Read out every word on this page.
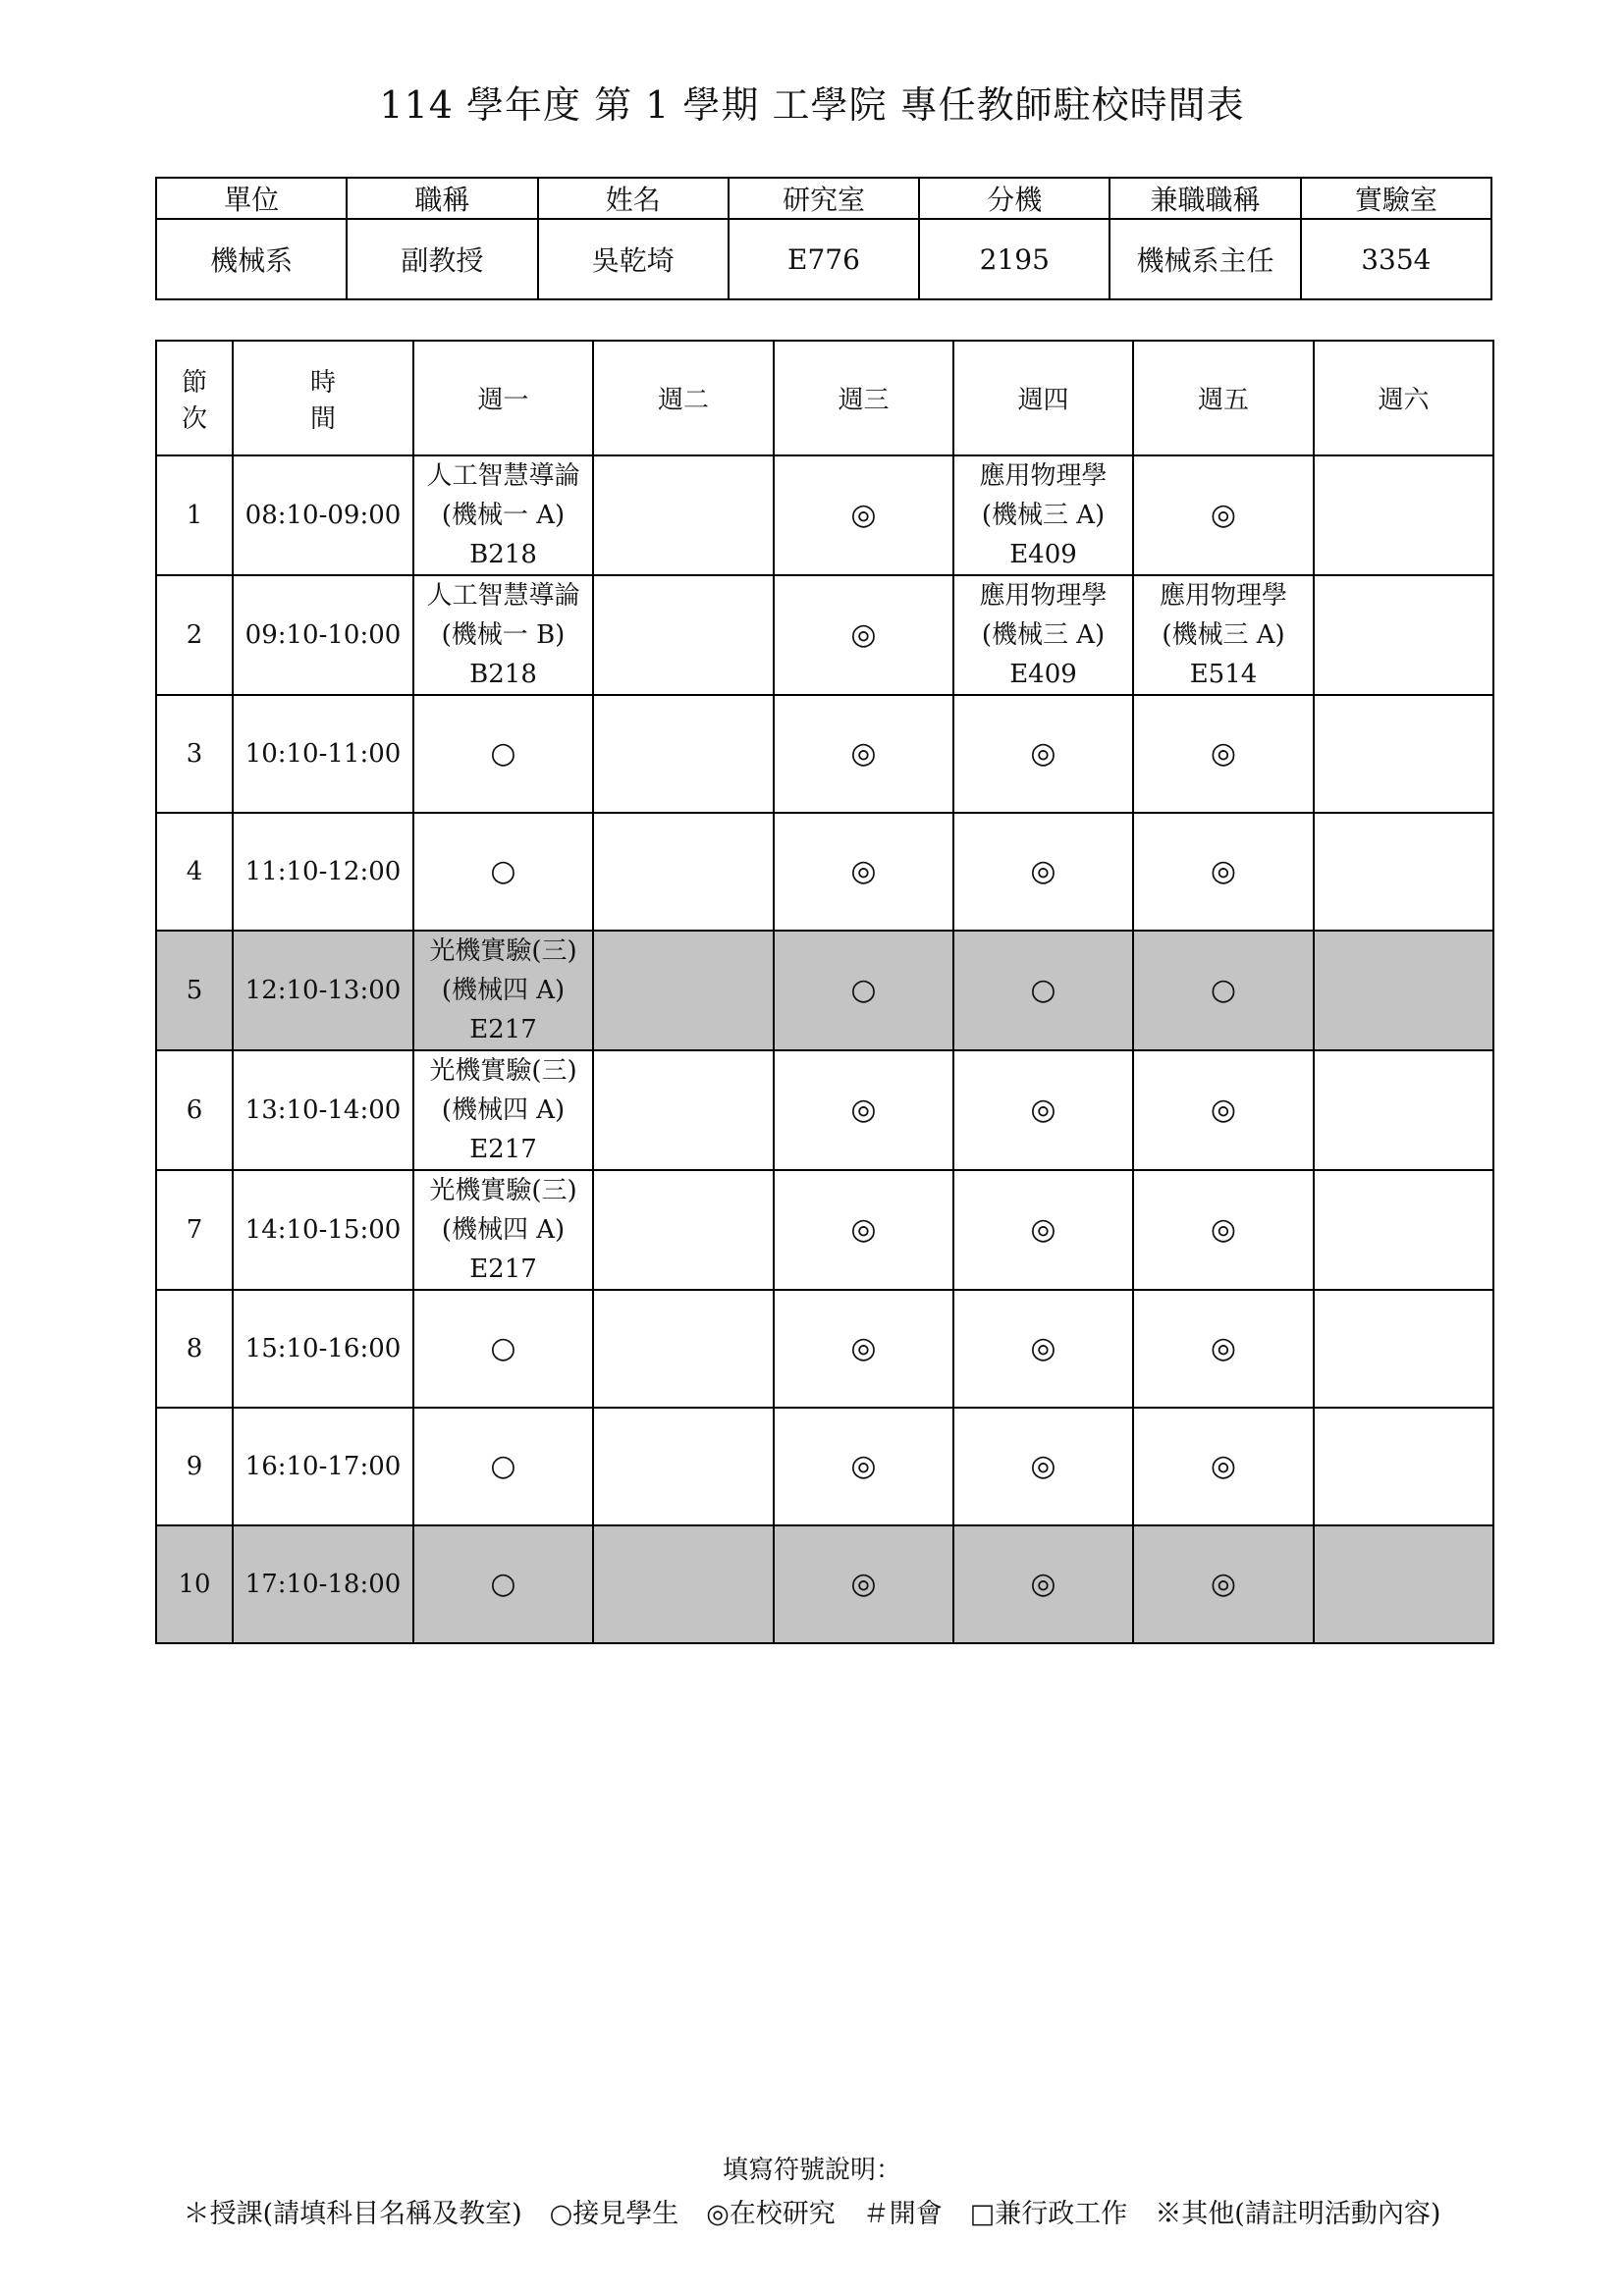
114 學年度 第 1 學期 工學院 專任教師駐校時間表
單位	職稱	姓名	研究室	分機	兼職職稱	實驗室
機械系	副教授	吳乾埼	E776	2195	機械系主任	3354
節
次	時
間	週一	週二	週三	週四	週五	週六
1	08:10-09:00	人工智慧導論
(機械一 A)
B218		◎	應用物理學
(機械三 A)
E409	◎	

2	09:10-10:00	人工智慧導論
(機械一 B)
B218		◎	應用物理學
(機械三 A)
E409	應用物理學
(機械三 A)
E514	

3	10:10-11:00	○		◎	◎	◎	

4	11:10-12:00	○		◎	◎	◎	

5	12:10-13:00	光機實驗(三)
(機械四 A)
E217		○	○	○	

6	13:10-14:00	光機實驗(三)
(機械四 A)
E217		◎	◎	◎	

7	14:10-15:00	光機實驗(三)
(機械四 A)
E217		◎	◎	◎	

8	15:10-16:00	○		◎	◎	◎	

9	16:10-17:00	○		◎	◎	◎	

10	17:10-18:00	○		◎	◎	◎	

填寫符號說明：
＊授課(請填科目名稱及教室) ○接見學生 ◎在校研究 ＃開會 □兼行政工作 ※其他(請註明活動內容)
